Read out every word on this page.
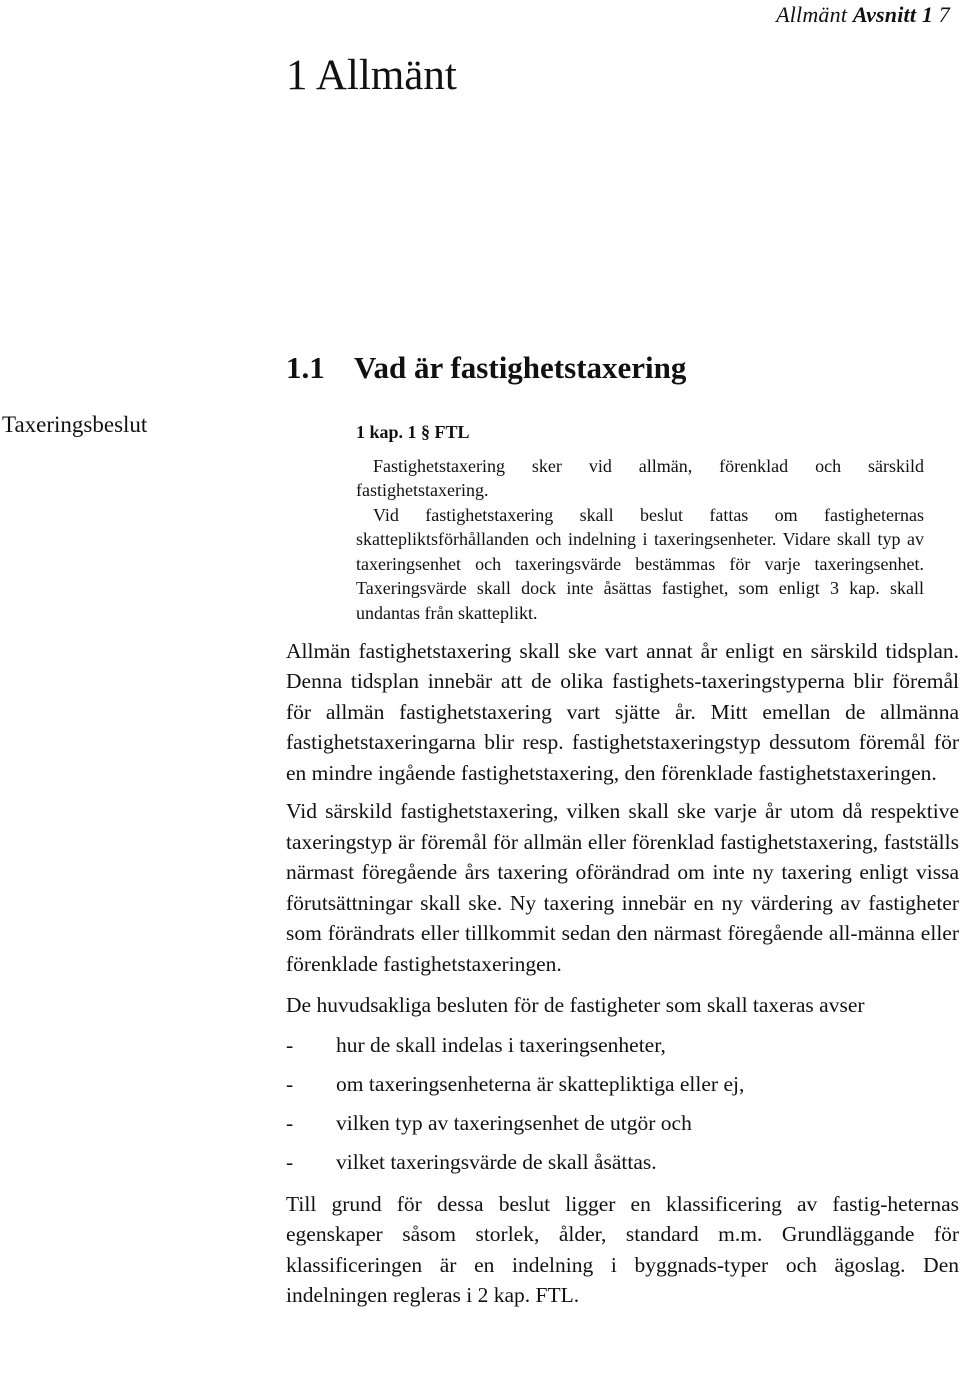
Allmänt Avsnitt 1 7
1 Allmänt
1.1 Vad är fastighetstaxering
Taxeringsbeslut	1 kap. 1 § FTL

Fastighetstaxering sker vid allmän, förenklad och särskild fastighetstaxering.

Vid fastighetstaxering skall beslut fattas om fastigheternas skattepliktsförhållanden och indelning i taxeringsenheter. Vidare skall typ av taxeringsenhet och taxeringsvärde bestämmas för varje taxeringsenhet. Taxeringsvärde skall dock inte åsättas fastighet, som enligt 3 kap. skall undantas från skatteplikt.

Allmän fastighetstaxering skall ske vart annat år enligt en särskild tidsplan. Denna tidsplan innebär att de olika fastighets-taxeringstyperna blir föremål för allmän fastighetstaxering vart sjätte år. Mitt emellan de allmänna fastighetstaxeringarna blir resp. fastighetstaxeringstyp dessutom föremål för en mindre ingående fastighetstaxering, den förenklade fastighetstaxeringen.

Vid särskild fastighetstaxering, vilken skall ske varje år utom då respektive taxeringstyp är föremål för allmän eller förenklad fastighetstaxering, fastställs närmast föregående års taxering oförändrad om inte ny taxering enligt vissa förutsättningar skall ske. Ny taxering innebär en ny värdering av fastigheter som förändrats eller tillkommit sedan den närmast föregående all-männa eller förenklade fastighetstaxeringen.

De huvudsakliga besluten för de fastigheter som skall taxeras avser

-	hur de skall indelas i taxeringsenheter,
-	om taxeringsenheterna är skattepliktiga eller ej,
-	vilken typ av taxeringsenhet de utgör och
-	vilket taxeringsvärde de skall åsättas.

Till grund för dessa beslut ligger en klassificering av fastig-heternas egenskaper såsom storlek, ålder, standard m.m. Grundläggande för klassificeringen är en indelning i byggnads-typer och ägoslag. Den indelningen regleras i 2 kap. FTL.
